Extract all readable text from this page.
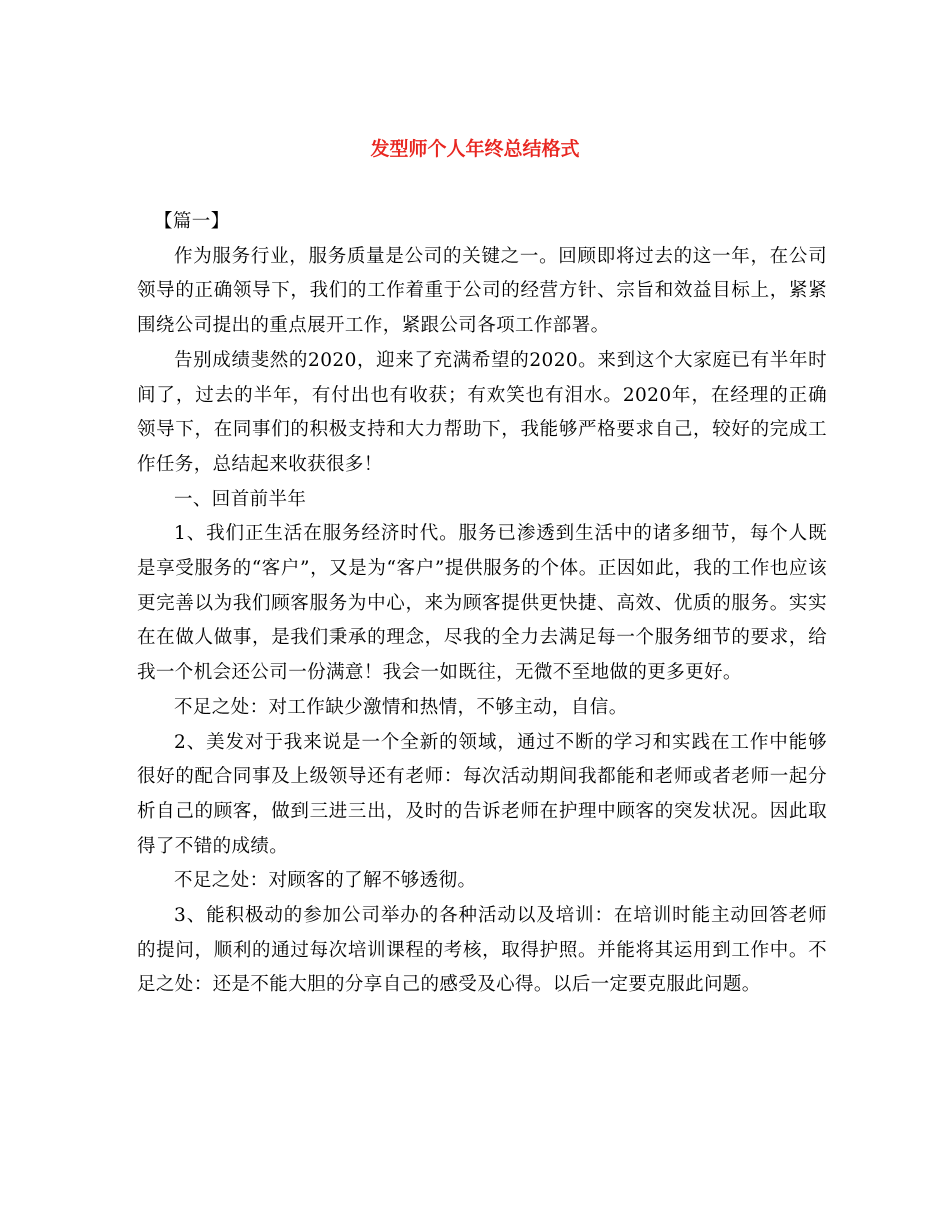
发型师个人年终总结格式

【篇一】

作为服务行业，服务质量是公司的关键之一。回顾即将过去的这一年，在公司领导的正确领导下，我们的工作着重于公司的经营方针、宗旨和效益目标上，紧紧围绕公司提出的重点展开工作，紧跟公司各项工作部署。

告别成绩斐然的2020，迎来了充满希望的2020。来到这个大家庭已有半年时间了，过去的半年，有付出也有收获；有欢笑也有泪水。2020年，在经理的正确领导下，在同事们的积极支持和大力帮助下，我能够严格要求自己，较好的完成工作任务，总结起来收获很多！

一、回首前半年

1、我们正生活在服务经济时代。服务已渗透到生活中的诸多细节，每个人既是享受服务的“客户”，又是为“客户”提供服务的个体。正因如此，我的工作也应该更完善以为我们顾客服务为中心，来为顾客提供更快捷、高效、优质的服务。实实在在做人做事，是我们秉承的理念，尽我的全力去满足每一个服务细节的要求，给我一个机会还公司一份满意！我会一如既往，无微不至地做的更多更好。

不足之处：对工作缺少激情和热情，不够主动，自信。

2、美发对于我来说是一个全新的领域，通过不断的学习和实践在工作中能够很好的配合同事及上级领导还有老师：每次活动期间我都能和老师或者老师一起分析自己的顾客，做到三进三出，及时的告诉老师在护理中顾客的突发状况。因此取得了不错的成绩。

不足之处：对顾客的了解不够透彻。

3、能积极动的参加公司举办的各种活动以及培训：在培训时能主动回答老师的提问，顺利的通过每次培训课程的考核，取得护照。并能将其运用到工作中。不足之处：还是不能大胆的分享自己的感受及心得。以后一定要克服此问题。
